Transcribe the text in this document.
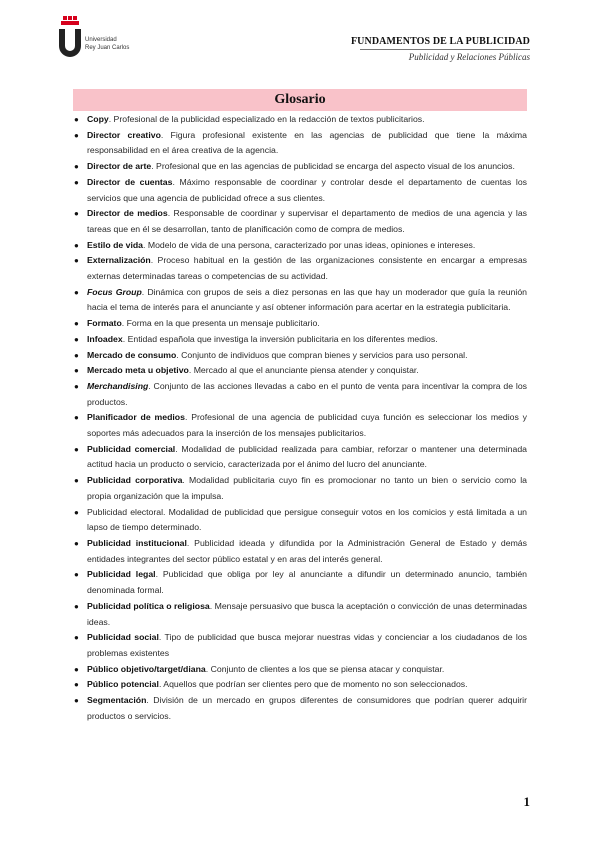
Universidad
Rey Juan Carlos
FUNDAMENTOS DE LA PUBLICIDAD
Publicidad y Relaciones Públicas
Glosario
● Copy. Profesional de la publicidad especializado en la redacción de textos publicitarios.
● Director creativo. Figura profesional existente en las agencias de publicidad que tiene la máxima responsabilidad en el área creativa de la agencia.
● Director de arte. Profesional que en las agencias de publicidad se encarga del aspecto visual de los anuncios.
● Director de cuentas. Máximo responsable de coordinar y controlar desde el departamento de cuentas los servicios que una agencia de publicidad ofrece a sus clientes.
● Director de medios. Responsable de coordinar y supervisar el departamento de medios de una agencia y las tareas que en él se desarrollan, tanto de planificación como de compra de medios.
● Estilo de vida. Modelo de vida de una persona, caracterizado por unas ideas, opiniones e intereses.
● Externalización. Proceso habitual en la gestión de las organizaciones consistente en encargar a empresas externas determinadas tareas o competencias de su actividad.
● Focus Group. Dinámica con grupos de seis a diez personas en las que hay un moderador que guía la reunión hacia el tema de interés para el anunciante y así obtener información para acertar en la estrategia publicitaria.
● Formato. Forma en la que presenta un mensaje publicitario.
● Infoadex. Entidad española que investiga la inversión publicitaria en los diferentes medios.
● Mercado de consumo. Conjunto de individuos que compran bienes y servicios para uso personal.
● Mercado meta u objetivo. Mercado al que el anunciante piensa atender y conquistar.
● Merchandising. Conjunto de las acciones llevadas a cabo en el punto de venta para incentivar la compra de los productos.
● Planificador de medios. Profesional de una agencia de publicidad cuya función es seleccionar los medios y soportes más adecuados para la inserción de los mensajes publicitarios.
● Publicidad comercial. Modalidad de publicidad realizada para cambiar, reforzar o mantener una determinada actitud hacia un producto o servicio, caracterizada por el ánimo del lucro del anunciante.
● Publicidad corporativa. Modalidad publicitaria cuyo fin es promocionar no tanto un bien o servicio como la propia organización que la impulsa.
● Publicidad electoral. Modalidad de publicidad que persigue conseguir votos en los comicios y está limitada a un lapso de tiempo determinado.
● Publicidad institucional. Publicidad ideada y difundida por la Administración General de Estado y demás entidades integrantes del sector público estatal y en aras del interés general.
● Publicidad legal. Publicidad que obliga por ley al anunciante a difundir un determinado anuncio, también denominada formal.
● Publicidad política o religiosa. Mensaje persuasivo que busca la aceptación o convicción de unas determinadas ideas.
● Publicidad social. Tipo de publicidad que busca mejorar nuestras vidas y concienciar a los ciudadanos de los problemas existentes
● Público objetivo/target/diana. Conjunto de clientes a los que se piensa atacar y conquistar.
● Público potencial. Aquellos que podrían ser clientes pero que de momento no son seleccionados.
● Segmentación. División de un mercado en grupos diferentes de consumidores que podrían querer adquirir productos o servicios.
1
